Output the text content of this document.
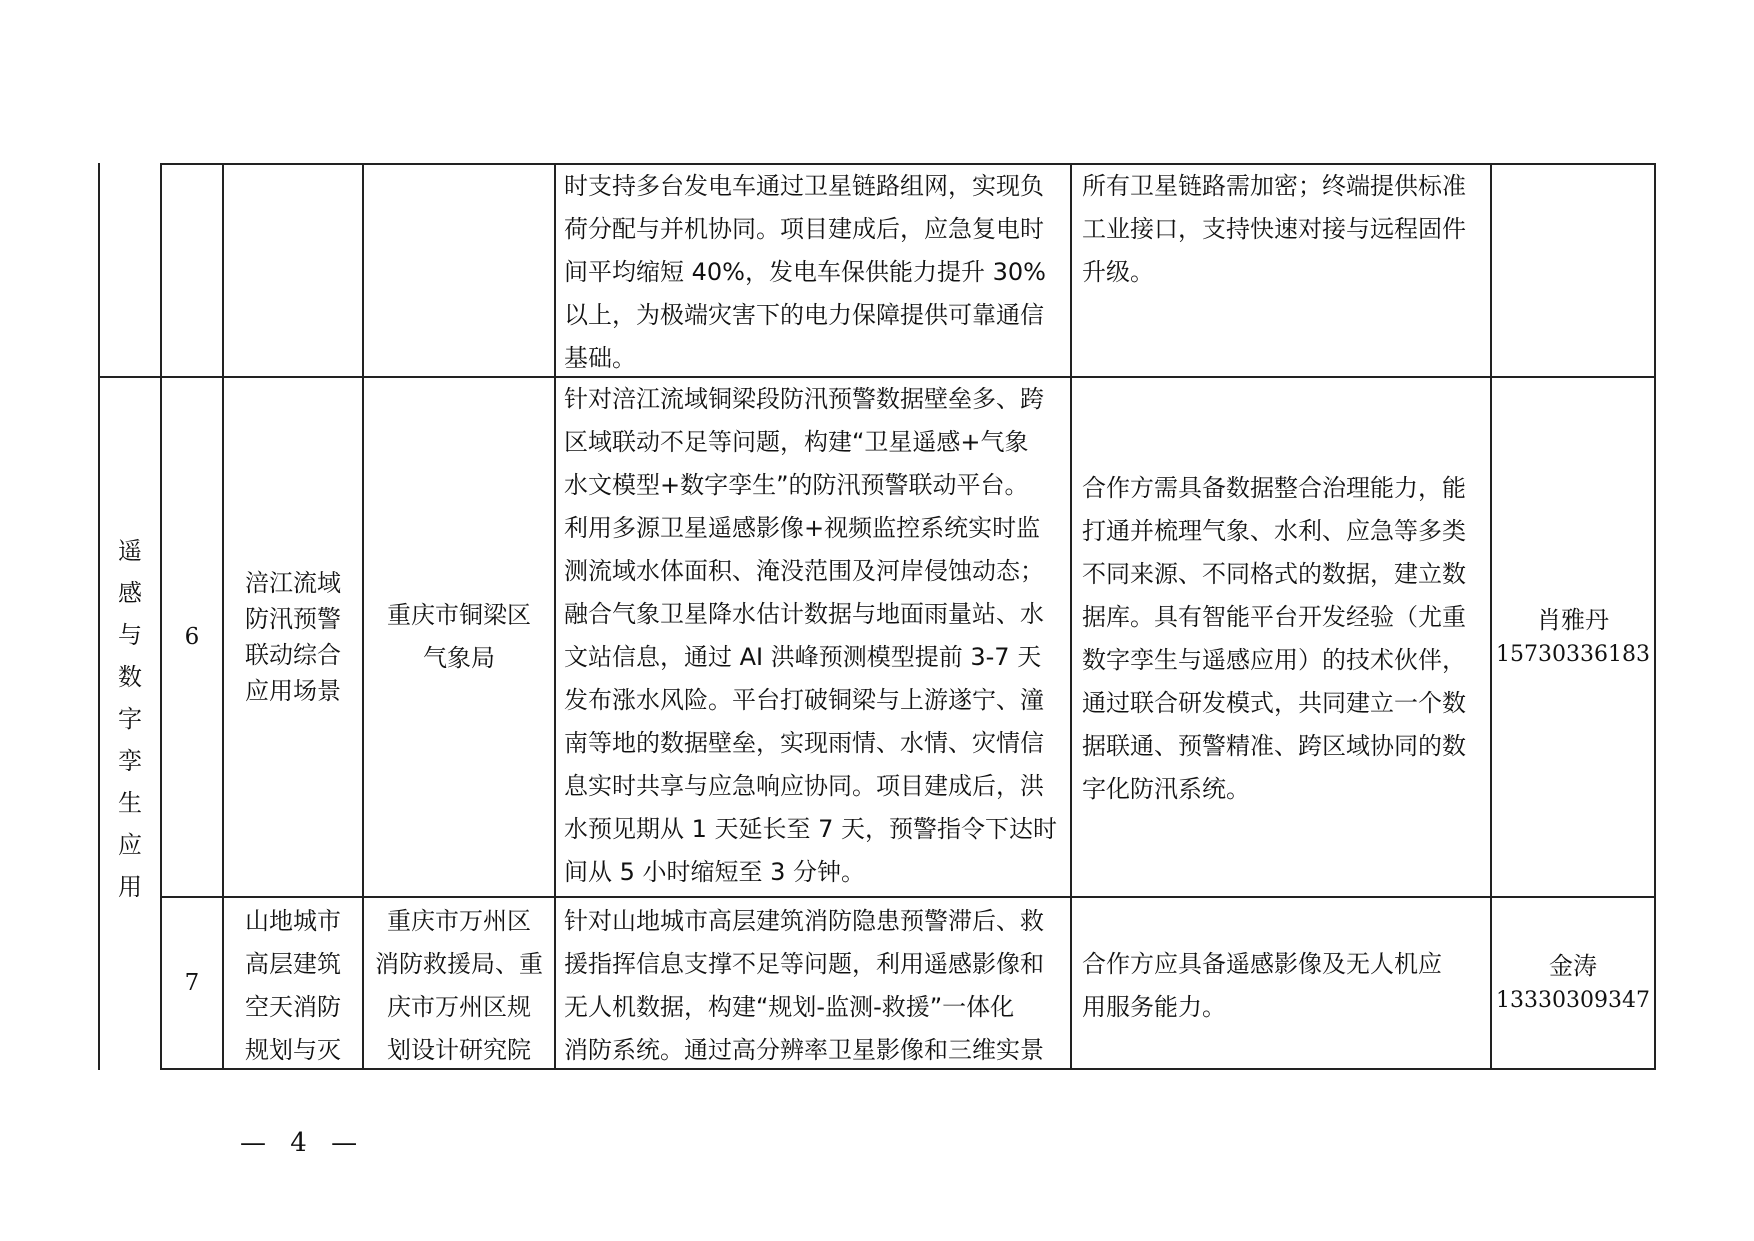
时支持多台发电车通过卫星链路组网，实现负
荷分配与并机协同。项目建成后，应急复电时
间平均缩短 40%，发电车保供能力提升 30%
以上，为极端灾害下的电力保障提供可靠通信
基础。
所有卫星链路需加密；终端提供标准
工业接口，支持快速对接与远程固件
升级。
遥
感
与
数
字
孪
生
应
用
6
涪江流域
防汛预警
联动综合
应用场景
重庆市铜梁区
气象局
针对涪江流域铜梁段防汛预警数据壁垒多、跨
区域联动不足等问题，构建“卫星遥感+气象
水文模型+数字孪生”的防汛预警联动平台。
利用多源卫星遥感影像+视频监控系统实时监
测流域水体面积、淹没范围及河岸侵蚀动态；
融合气象卫星降水估计数据与地面雨量站、水
文站信息，通过 AI 洪峰预测模型提前 3-7 天
发布涨水风险。平台打破铜梁与上游遂宁、潼
南等地的数据壁垒，实现雨情、水情、灾情信
息实时共享与应急响应协同。项目建成后，洪
水预见期从 1 天延长至 7 天，预警指令下达时
间从 5 小时缩短至 3 分钟。
合作方需具备数据整合治理能力，能
打通并梳理气象、水利、应急等多类
不同来源、不同格式的数据，建立数
据库。具有智能平台开发经验（尤重
数字孪生与遥感应用）的技术伙伴，
通过联合研发模式，共同建立一个数
据联通、预警精准、跨区域协同的数
字化防汛系统。
肖雅丹
15730336183
7
山地城市
高层建筑
空天消防
规划与灭
重庆市万州区
消防救援局、重
庆市万州区规
划设计研究院
针对山地城市高层建筑消防隐患预警滞后、救
援指挥信息支撑不足等问题，利用遥感影像和
无人机数据，构建“规划-监测-救援”一体化
消防系统。通过高分辨率卫星影像和三维实景
合作方应具备遥感影像及无人机应
用服务能力。
金涛
13330309347
— 4 —
